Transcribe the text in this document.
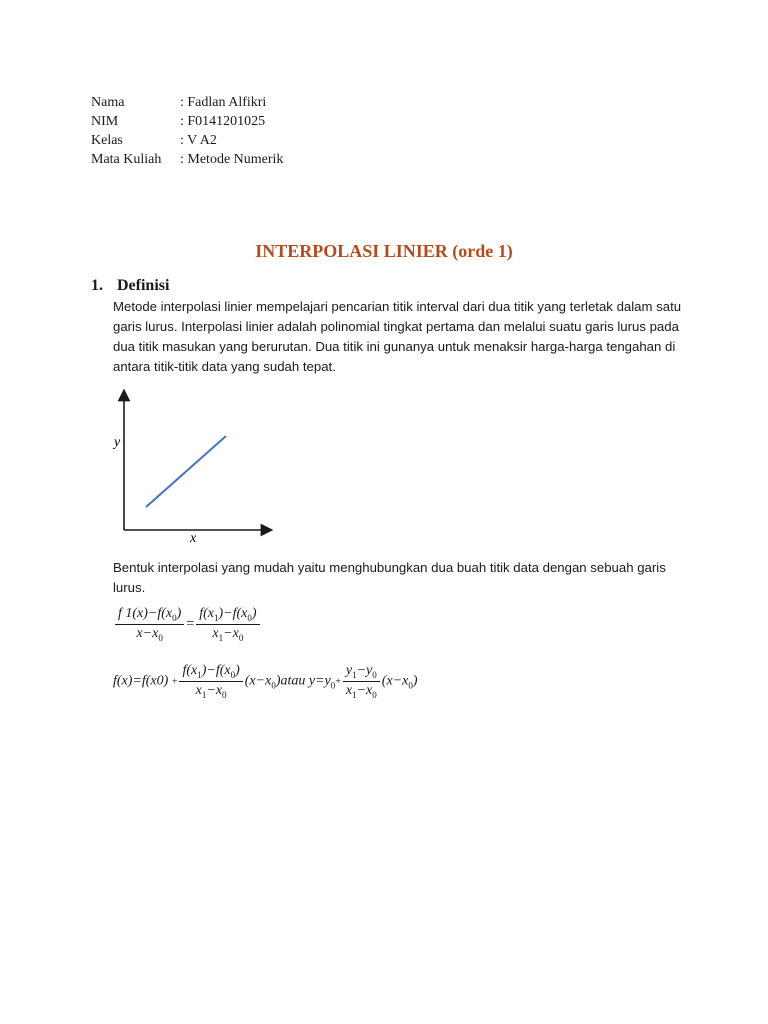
Nama	: Fadlan Alfikri
NIM	: F0141201025
Kelas	: V A2
Mata Kuliah	: Metode Numerik
INTERPOLASI LINIER (orde 1)
1. Definisi
Metode interpolasi linier mempelajari pencarian titik interval dari dua titik yang terletak dalam satu garis lurus. Interpolasi linier adalah polinomial tingkat pertama dan melalui suatu garis lurus pada dua titik masukan yang berurutan. Dua titik ini gunanya untuk menaksir harga-harga tengahan di antara titik-titik data yang sudah tepat.
y
x
Bentuk interpolasi yang mudah yaitu menghubungkan dua buah titik data dengan sebuah garis lurus.
$\frac{f 1(x)-f(x_0)}{x-x_0} = \frac{f(x_1)-f(x_0)}{x_1-x_0}$
$f(x)=f(x0) + \frac{f(x_1)-f(x_0)}{x_1-x_0}$ $(x-x_0)atau$ $y=y_0+ \frac{y_1-y_0}{x_1-x_0} (x-x_0)$
